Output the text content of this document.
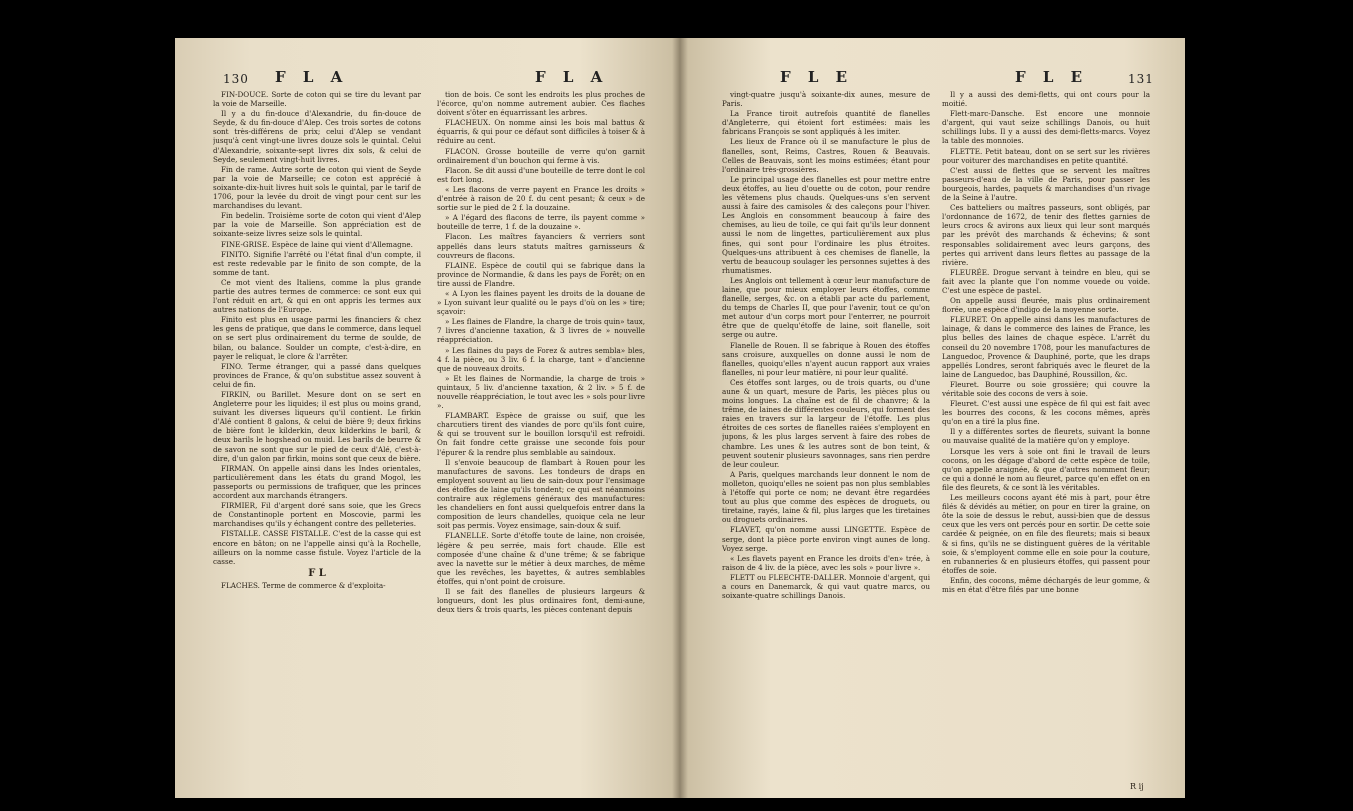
130 F L A	F L A

FIN-DOUCE. Sorte de coton qui se tire du levant par la voie de Marseille.

Il y a du fin-douce d'Alexandrie, du fin-douce de Seyde, & du fin-douce d'Alep. Ces trois sortes de cotons sont très-différens de prix; celui d'Alep se vendant jusqu'à cent vingt-une livres douze sols le quintal. Celui d'Alexandrie, soixante-sept livres dix sols, & celui de Seyde, seulement vingt-huit livres.

Fin de rame. Autre sorte de coton qui vient de Seyde par la voie de Marseille; ce coton est apprécié à soixante-dix-huit livres huit sols le quintal, par le tarif de 1706, pour la levée du droit de vingt pour cent sur les marchandises du levant.

Fin bedelin. Troisième sorte de coton qui vient d'Alep par la voie de Marseille. Son appréciation est de soixante-seize livres seize sols le quintal.

FINE-GRISE. Espèce de laine qui vient d'Allemagne.

FINITO. Signifie l'arrêté ou l'état final d'un compte, il est reste redevable par le finito de son compte, de la somme de tant.

Ce mot vient des Italiens, comme la plus grande partie des autres termes de commerce: ce sont eux qui l'ont réduit en art, & qui en ont appris les termes aux autres nations de l'Europe.

Finito est plus en usage parmi les financiers & chez les gens de pratique, que dans le commerce, dans lequel on se sert plus ordinairement du terme de soulde, de bilan, ou balance. Soulder un compte, c'est-à-dire, en payer le reliquat, le clore & l'arrêter.

FINO. Terme étranger, qui a passé dans quelques provinces de France, & qu'on substitue assez souvent à celui de fin.

FIRKIN, ou Barillet. Mesure dont on se sert en Angleterre pour les liquides; il est plus ou moins grand, suivant les diverses liqueurs qu'il contient. Le firkin d'Alé contient 8 galons, & celui de bière 9; deux firkins de bière font le kilderkin, deux kilderkins le baril, & deux barils le hogshead ou muid. Les barils de beurre & de savon ne sont que sur le pied de ceux d'Alé, c'est-à-dire, d'un galon par firkin, moins sont que ceux de bière.

FIRMAN. On appelle ainsi dans les Indes orientales, particulièrement dans les états du grand Mogol, les passeports ou permissions de trafiquer, que les princes accordent aux marchands étrangers.

FIRMIER, Fil d'argent doré sans soie, que les Grecs de Constantinople portent en Moscovie, parmi les marchandises qu'ils y échangent contre des pelleteries.

FISTALLE. CASSE FISTALLE. C'est de la casse qui est encore en bâton; on ne l'appelle ainsi qu'à la Rochelle, ailleurs on la nomme casse fistule. Voyez l'article de la casse.

F L

FLACHES. Terme de commerce & d'exploita-

tion de bois. Ce sont les endroits les plus proches de l'écorce, qu'on nomme autrement aubier. Ces flaches doivent s'ôter en équarrissant les arbres.

FLACHEUX. On nomme ainsi les bois mal battus & équarris, & qui pour ce défaut sont difficiles à toiser & à réduire au cent.

FLACON. Grosse bouteille de verre qu'on garnit ordinairement d'un bouchon qui ferme à vis.

Flacon. Se dit aussi d'une bouteille de terre dont le col est fort long.

« Les flacons de verre payent en France les droits » d'entrée à raison de 20 f. du cent pesant; & ceux » de sortie sur le pied de 2 f. la douzaine.

» A l'égard des flacons de terre, ils payent comme » bouteille de terre, 1 f. de la douzaine ».

Flacon. Les maîtres fayanciers & verriers sont appellés dans leurs statuts maîtres garnisseurs & couvreurs de flacons.

FLAINE. Espèce de coutil qui se fabrique dans la province de Normandie, & dans les pays de Forêt; on en tire aussi de Flandre.

« A Lyon les flaines payent les droits de la douane de » Lyon suivant leur qualité ou le pays d'où on les » tire; sçavoir:

» Les flaines de Flandre, la charge de trois quin» taux, 7 livres d'ancienne taxation, & 3 livres de » nouvelle réappréciation.

» Les flaines du pays de Forez & autres sembla» bles, 4 f. la pièce, ou 3 liv. 6 f. la charge, tant » d'ancienne que de nouveaux droits.

» Et les flaines de Normandie, la charge de trois » quintaux, 5 liv. d'ancienne taxation, & 2 liv. » 5 f. de nouvelle réappréciation, le tout avec les » sols pour livre ».

FLAMBART. Espèce de graisse ou suif, que les charcutiers tirent des viandes de porc qu'ils font cuire, & qui se trouvent sur le bouillon lorsqu'il est refroidi. On fait fondre cette graisse une seconde fois pour l'épurer & la rendre plus semblable au saindoux.

Il s'envoie beaucoup de flambart à Rouen pour les manufactures de savons. Les tondeurs de draps en employent souvent au lieu de sain-doux pour l'ensimage des étoffes de laine qu'ils tondent; ce qui est néanmoins contraire aux réglemens généraux des manufactures: les chandeliers en font aussi quelquefois entrer dans la composition de leurs chandelles, quoique cela ne leur soit pas permis. Voyez ensimage, sain-doux & suif.

FLANELLE. Sorte d'étoffe toute de laine, non croisée, légère & peu serrée, mais fort chaude. Elle est composée d'une chaîne & d'une trême; & se fabrique avec la navette sur le métier à deux marches, de même que les revêches, les bayettes, & autres semblables étoffes, qui n'ont point de croisure.

Il se fait des flanelles de plusieurs largeurs & longueurs, dont les plus ordinaires font, demi-aune, deux tiers & trois quarts, les pièces contenant depuis

F L E	F L E	131

vingt-quatre jusqu'à soixante-dix aunes, mesure de Paris.

La France tiroit autrefois quantité de flanelles d'Angleterre, qui étoient fort estimées: mais les fabricans François se sont appliqués à les imiter.

Les lieux de France où il se manufacture le plus de flanelles, sont, Reims, Castres, Rouen & Beauvais. Celles de Beauvais, sont les moins estimées; étant pour l'ordinaire très-grossières.

Le principal usage des flanelles est pour mettre entre deux étoffes, au lieu d'ouette ou de coton, pour rendre les vêtemens plus chauds. Quelques-uns s'en servent aussi à faire des camisoles & des caleçons pour l'hiver. Les Anglois en consomment beaucoup à faire des chemises, au lieu de toile, ce qui fait qu'ils leur donnent aussi le nom de lingettes, particulièrement aux plus fines, qui sont pour l'ordinaire les plus étroites. Quelques-uns attribuent à ces chemises de flanelle, la vertu de beaucoup soulager les personnes sujettes à des rhumatismes.

Les Anglois ont tellement à cœur leur manufacture de laine, que pour mieux employer leurs étoffes, comme flanelle, serges, &c. on a établi par acte du parlement, du temps de Charles II, que pour l'avenir, tout ce qu'on met autour d'un corps mort pour l'enterrer, ne pourroit être que de quelqu'étoffe de laine, soit flanelle, soit serge ou autre.

Flanelle de Rouen. Il se fabrique à Rouen des étoffes sans croisure, auxquelles on donne aussi le nom de flanelles, quoiqu'elles n'ayent aucun rapport aux vraies flanelles, ni pour leur matière, ni pour leur qualité.

Ces étoffes sont larges, ou de trois quarts, ou d'une aune & un quart, mesure de Paris, les pièces plus ou moins longues. La chaîne est de fil de chanvre; & la trême, de laines de différentes couleurs, qui forment des raies en travers sur la largeur de l'étoffe. Les plus étroites de ces sortes de flanelles raiées s'employent en jupons, & les plus larges servent à faire des robes de chambre. Les unes & les autres sont de bon teint, & peuvent soutenir plusieurs savonnages, sans rien perdre de leur couleur.

A Paris, quelques marchands leur donnent le nom de molleton, quoiqu'elles ne soient pas non plus semblables à l'étoffe qui porte ce nom; ne devant être regardées tout au plus que comme des espèces de droguets, ou tiretaine, rayés, laine & fil, plus larges que les tiretaines ou droguets ordinaires.

FLAVET, qu'on nomme aussi LINGETTE. Espèce de serge, dont la pièce porte environ vingt aunes de long. Voyez serge.

« Les flavets payent en France les droits d'en» trée, à raison de 4 liv. de la pièce, avec les sols » pour livre ».

FLETT ou FLEECHTE-DALLER. Monnoie d'argent, qui a cours en Danemarck, & qui vaut quatre marcs, ou soixante-quatre schillings Danois.

Il y a aussi des demi-fletts, qui ont cours pour la moitié.

Flett-marc-Dansche. Est encore une monnoie d'argent, qui vaut seize schillings Danois, ou huit schillings lubs. Il y a aussi des demi-fletts-marcs. Voyez la table des monnoies.

FLETTE. Petit bateau, dont on se sert sur les rivières pour voiturer des marchandises en petite quantité.

C'est aussi de flettes que se servent les maîtres passeurs-d'eau de la ville de Paris, pour passer les bourgeois, hardes, paquets & marchandises d'un rivage de la Seine à l'autre.

Ces batteliers ou maîtres passeurs, sont obligés, par l'ordonnance de 1672, de tenir des flettes garnies de leurs crocs & avirons aux lieux qui leur sont marqués par les prévôt des marchands & échevins; & sont responsables solidairement avec leurs garçons, des pertes qui arrivent dans leurs flettes au passage de la rivière.

FLEURÉE. Drogue servant à teindre en bleu, qui se fait avec la plante que l'on nomme vouede ou voide. C'est une espèce de pastel.

On appelle aussi fleurée, mais plus ordinairement florée, une espèce d'indigo de la moyenne sorte.

FLEURET. On appelle ainsi dans les manufactures de lainage, & dans le commerce des laines de France, les plus belles des laines de chaque espèce. L'arrêt du conseil du 20 novembre 1708, pour les manufactures de Languedoc, Provence & Dauphiné, porte, que les draps appellés Londres, seront fabriqués avec le fleuret de la laine de Languedoc, bas Dauphiné, Roussillon, &c.

Fleuret. Bourre ou soie grossière; qui couvre la véritable soie des cocons de vers à soie.

Fleuret. C'est aussi une espèce de fil qui est fait avec les bourres des cocons, & les cocons mêmes, après qu'on en a tiré la plus fine.

Il y a différentes sortes de fleurets, suivant la bonne ou mauvaise qualité de la matière qu'on y employe.

Lorsque les vers à soie ont fini le travail de leurs cocons, on les dégage d'abord de cette espèce de toile, qu'on appelle araignée, & que d'autres nomment fleur; ce qui a donné le nom au fleuret, parce qu'en effet on en file des fleurets, & ce sont là les véritables.

Les meilleurs cocons ayant été mis à part, pour être filés & dévidés au métier, on pour en tirer la graine, on ôte la soie de dessus le rebut, aussi-bien que de dessus ceux que les vers ont percés pour en sortir. De cette soie cardée & peignée, on en file des fleurets; mais si beaux & si fins, qu'ils ne se distinguent guères de la véritable soie, & s'employent comme elle en soie pour la couture, en rubanneries & en plusieurs étoffes, qui passent pour étoffes de soie.

Enfin, des cocons, même déchargés de leur gomme, & mis en état d'être filés par une bonne

R ij
